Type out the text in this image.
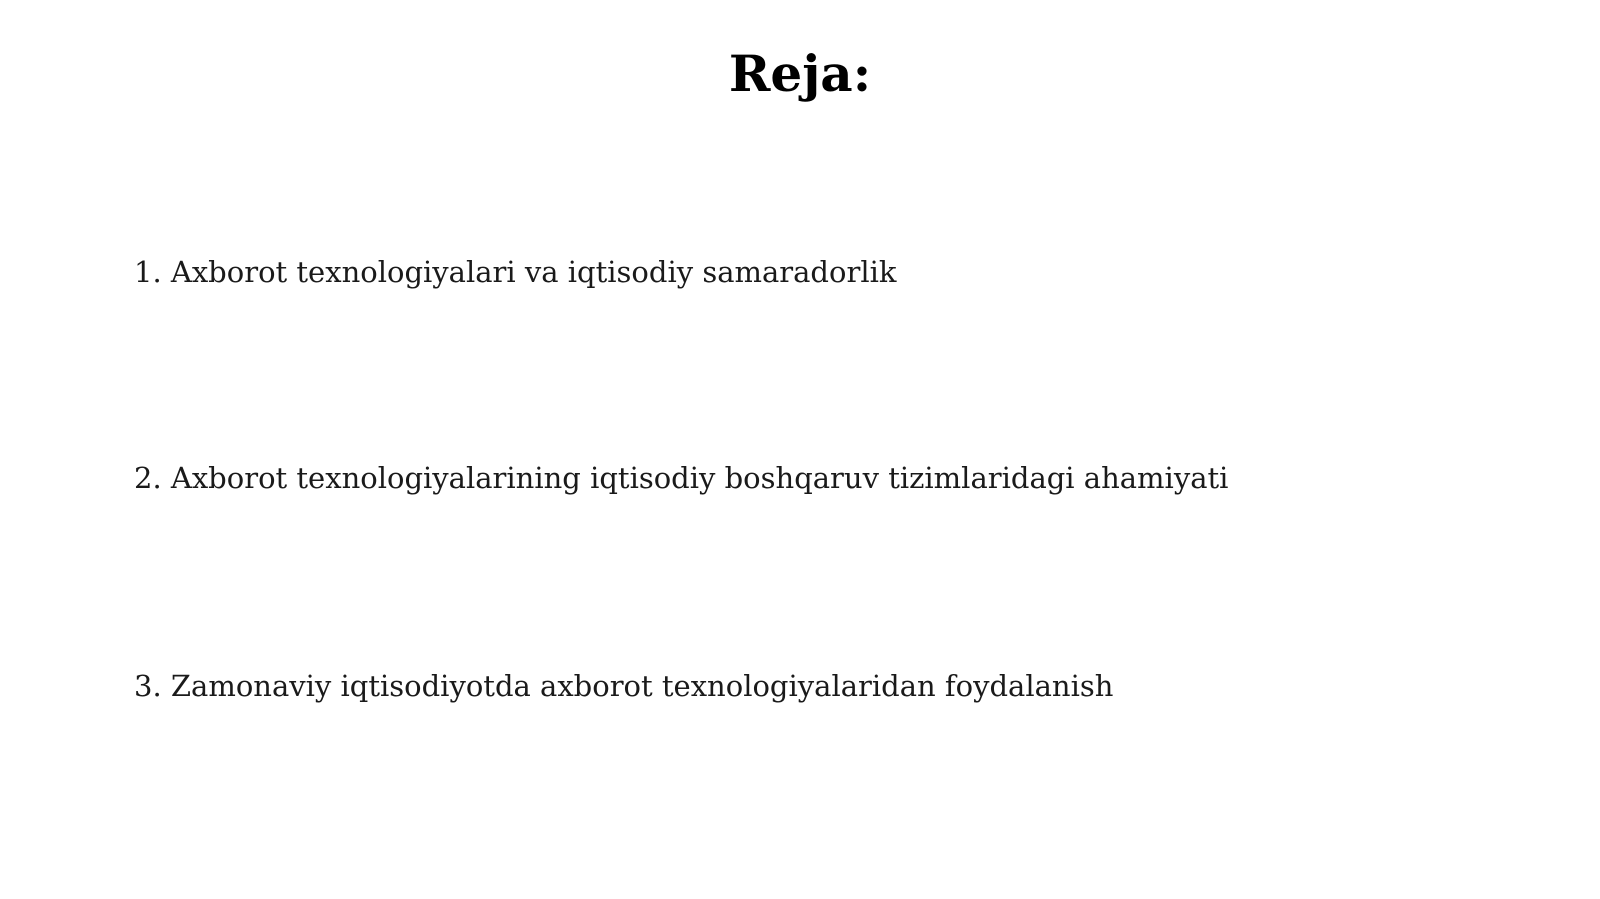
Reja:
1. Axborot texnologiyalari va iqtisodiy samaradorlik
2. Axborot texnologiyalarining iqtisodiy boshqaruv tizimlaridagi ahamiyati
3. Zamonaviy iqtisodiyotda axborot texnologiyalaridan foydalanish
